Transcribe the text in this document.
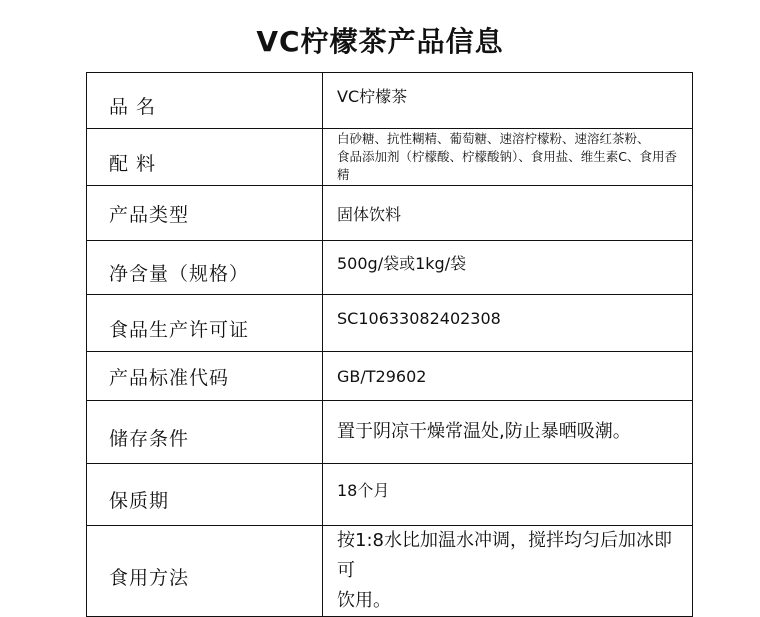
VC柠檬茶产品信息
品 名	VC柠檬茶

配 料	白砂糖、抗性糊精、葡萄糖、速溶柠檬粉、速溶红茶粉、
食品添加剂（柠檬酸、柠檬酸钠）、食用盐、维生素C、食用香精

产品类型	固体饮料

净含量（规格）	500g/袋或1kg/袋

食品生产许可证	SC10633082402308

产品标准代码	GB/T29602

储存条件	置于阴凉干燥常温处,防止暴晒吸潮。

保质期	18个月

食用方法	按1:8水比加温水冲调，搅拌均匀后加冰即可
饮用。
